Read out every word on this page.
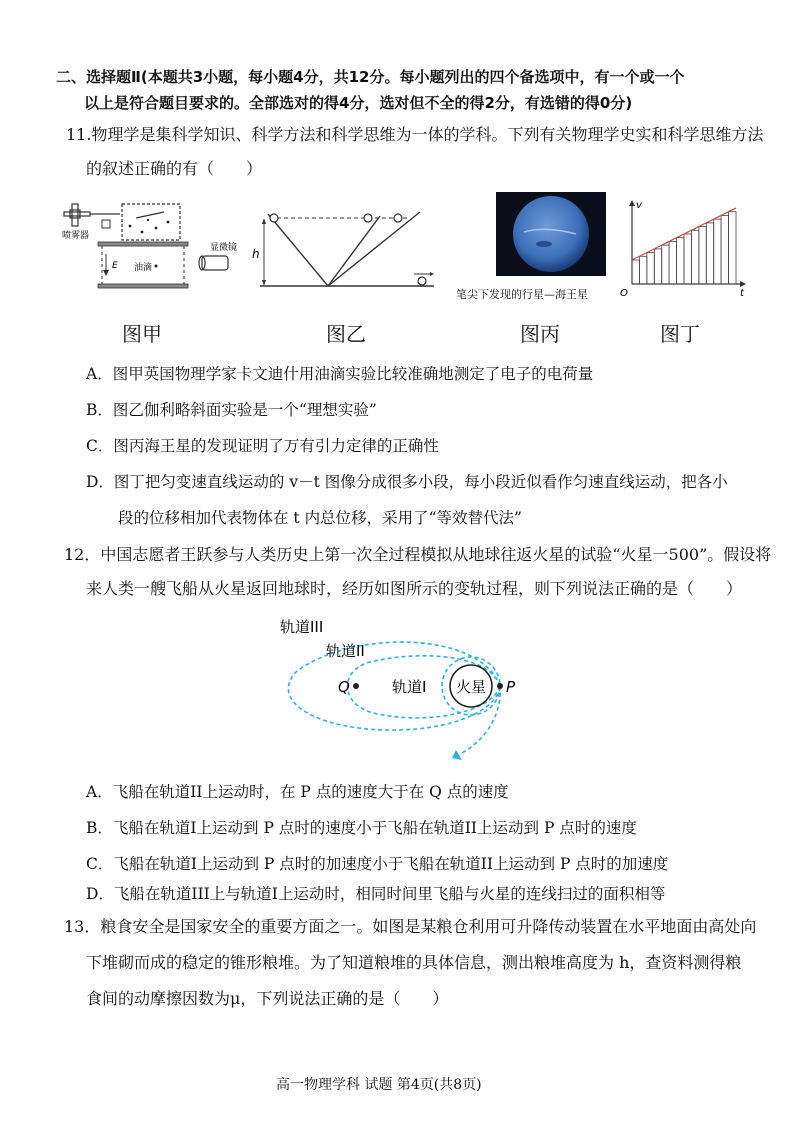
二、选择题Ⅱ(本题共3小题，每小题4分，共12分。每小题列出的四个备选项中，有一个或一个
以上是符合题目要求的。全部选对的得4分，选对但不全的得2分，有选错的得0分)
11.物理学是集科学知识、科学方法和科学思维为一体的学科。下列有关物理学史实和科学思维方法
的叙述正确的有（　　）
喷雾器
E 油滴
显微镜
图甲
h
图乙
笔尖下发现的行星—海王星
图丙
v
t
O
图丁
A．图甲英国物理学家卡文迪什用油滴实验比较准确地测定了电子的电荷量
B．图乙伽利略斜面实验是一个“理想实验”
C．图丙海王星的发现证明了万有引力定律的正确性
D．图丁把匀变速直线运动的 v－t 图像分成很多小段，每小段近似看作匀速直线运动，把各小
段的位移相加代表物体在 t 内总位移，采用了“等效替代法”
12．中国志愿者王跃参与人类历史上第一次全过程模拟从地球往返火星的试验“火星一500”。假设将
来人类一艘飞船从火星返回地球时，经历如图所示的变轨过程，则下列说法正确的是（　　）
火星 P
Q
轨道III
轨道II
轨道I
A．飞船在轨道II上运动时，在 P 点的速度大于在 Q 点的速度
B．飞船在轨道I上运动到 P 点时的速度小于飞船在轨道II上运动到 P 点时的速度
C．飞船在轨道I上运动到 P 点时的加速度小于飞船在轨道II上运动到 P 点时的加速度
D．飞船在轨道III上与轨道I上运动时，相同时间里飞船与火星的连线扫过的面积相等
13．粮食安全是国家安全的重要方面之一。如图是某粮仓利用可升降传动装置在水平地面由高处向
下堆砌而成的稳定的锥形粮堆。为了知道粮堆的具体信息，测出粮堆高度为 h，查资料测得粮
食间的动摩擦因数为μ，下列说法正确的是（　　）
高一物理学科 试题 第4页(共8页)
